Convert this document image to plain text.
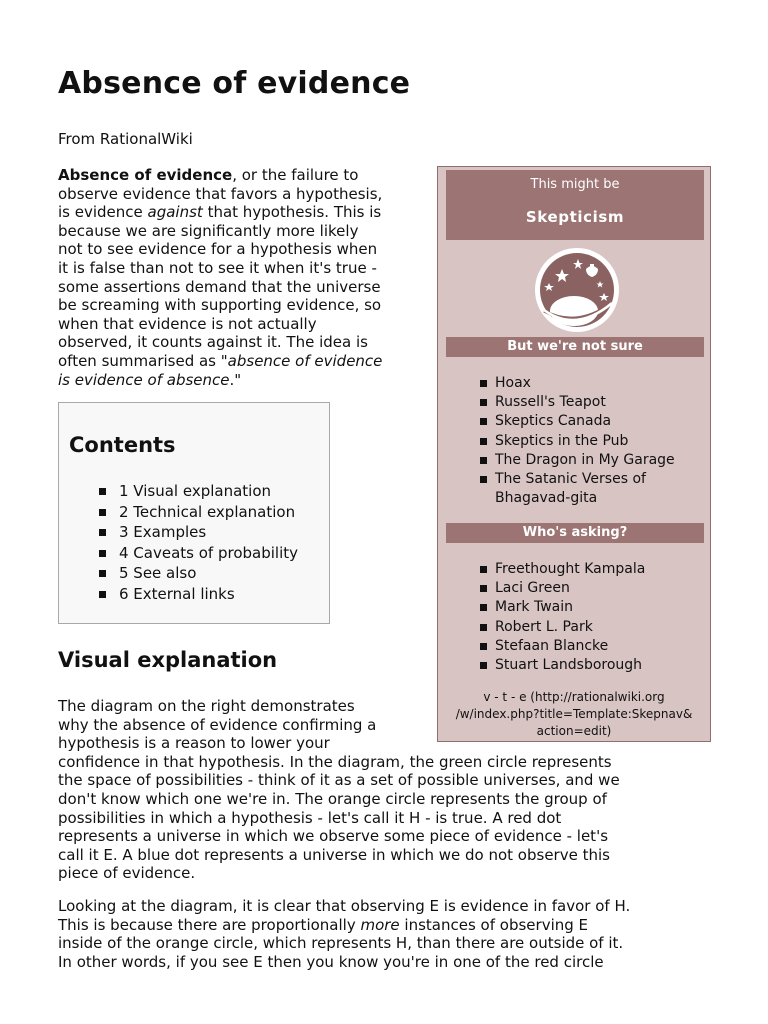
Absence of evidence
From RationalWiki
Absence of evidence, or the failure to
observe evidence that favors a hypothesis,
is evidence against that hypothesis. This is
because we are significantly more likely
not to see evidence for a hypothesis when
it is false than not to see it when it's true -
some assertions demand that the universe
be screaming with supporting evidence, so
when that evidence is not actually
observed, it counts against it. The idea is
often summarised as "absence of evidence
is evidence of absence."
Contents
1 Visual explanation
2 Technical explanation
3 Examples
4 Caveats of probability
5 See also
6 External links
Visual explanation
The diagram on the right demonstrates
why the absence of evidence confirming a
hypothesis is a reason to lower your
confidence in that hypothesis. In the diagram, the green circle represents
the space of possibilities - think of it as a set of possible universes, and we
don't know which one we're in. The orange circle represents the group of
possibilities in which a hypothesis - let's call it H - is true. A red dot
represents a universe in which we observe some piece of evidence - let's
call it E. A blue dot represents a universe in which we do not observe this
piece of evidence.
Looking at the diagram, it is clear that observing E is evidence in favor of H.
This is because there are proportionally more instances of observing E
inside of the orange circle, which represents H, than there are outside of it.
In other words, if you see E then you know you're in one of the red circle
This might be
Skepticism
But we're not sure
Hoax
Russell's Teapot
Skeptics Canada
Skeptics in the Pub
The Dragon in My Garage
The Satanic Verses of
Bhagavad-gita
Who's asking?
Freethought Kampala
Laci Green
Mark Twain
Robert L. Park
Stefaan Blancke
Stuart Landsborough
v - t - e (http://rationalwiki.org
/w/index.php?title=Template:Skepnav&
action=edit)
